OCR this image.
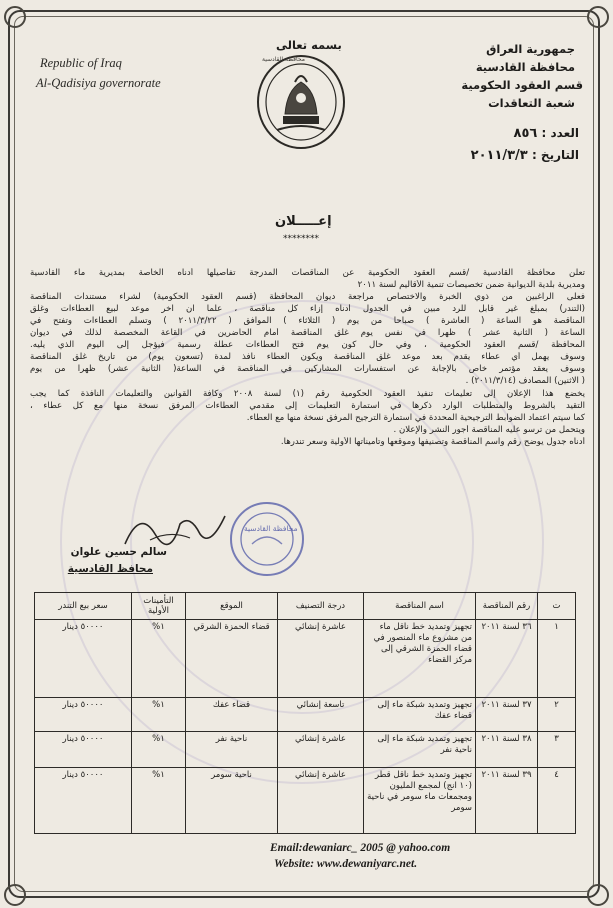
بسمه تعالى	جمهورية العراق
محافظة القادسية
قسم العقود الحكومية
شعبة التعاقدات
Republic of Iraq
Al-Qadisiya governorate
محافظة القادسية
العدد : ٨٥٦
التاريخ : ٢٠١١/٣/٣
إعـــــلان
********
تعلن محافظة القادسية /قسم العقود الحكومية عن المناقصات المدرجة تفاصيلها أدناه الخاصة بمديرية ماء القادسية
ومديرية بلدية الديوانية ضمن تخصيصات تنمية الأقاليم لسنة ٢٠١١
فعلى الراغبين من ذوي الخبرة والاختصاص مراجعة ديوان المحافظة (قسم العقود الحكومية) لشراء مستندات المناقصة
(التندر) بمبلغ غير قابل للرد مبين في الجدول أدناه إزاء كل مناقصة ، علما ان آخر موعد لبيع العطاءات وغلق
المناقصة هو الساعة ( العاشرة ) صباحا من يوم ( الثلاثاء ) الموافق ( ٢٠١١/٣/٢٢ ) وتسلم العطاءات وتفتح في
الساعة ( الثانية عشر ) ظهراً في نفس يوم غلق المناقصة أمام الحاضرين في القاعة المخصصة لذلك في ديوان
المحافظة /قسم العقود الحكومية ، وفي حال كون يوم فتح العطاءات عطلة رسمية فيؤجل إلى اليوم الذي يليه.
وسوف يهمل أي عطاء يقدم بعد موعد غلق المناقصة ويكون العطاء نافذ لمدة (تسعون يوم) من تاريخ غلق المناقصة
وسوف يعقد مؤتمر خاص بالإجابة عن استفسارات المشاركين في المناقصة في الساعة( الثانية عشر) ظهرا من يوم
( الاثنين) المصادف (٢٠١١/٣/١٤) .
يخضع هذا الإعلان إلى تعليمات تنفيذ العقود الحكومية رقم (١) لسنة ٢٠٠٨ وكافة القوانين والتعليمات النافذة كما يجب
التقيد بالشروط والمتطلبات الوارد ذكرها في استمارة التعليمات إلى مقدمي العطاءات المرفق نسخة منها مع كل عطاء ،
كما سيتم اعتماد الضوابط الترجيحية المحددة في استمارة الترجيح المرفق نسخة منها مع العطاء.
ويتحمل من ترسو عليه المناقصة أجور النشر والإعلان .
أدناه جدول يوضح رقم واسم المناقصة وتصنيفها وموقعها وتأميناتها الأولية وسعر تندرها.
سالم حسين علوان
محافظ القادسية
محافظة القادسية
ت	رقم المناقصة	اسم المناقصة	درجة التصنيف	الموقع	التأمينات الأولية	سعر بيع التندر
١	٣٦ لسنة ٢٠١١	تجهيز وتمديد خط ناقل ماء من مشروع ماء المنصور في قضاء الحمزة الشرقي إلى مركز القضاء	عاشرة إنشائي	قضاء الحمزة الشرقي	١%	٥٠٠٠٠ دينار
٢	٣٧ لسنة ٢٠١١	تجهيز وتمديد شبكة ماء إلى قضاء عفك	تاسعة إنشائي	قضاء عفك	١%	٥٠٠٠٠ دينار
٣	٣٨ لسنة ٢٠١١	تجهيز وتمديد شبكة ماء إلى ناحية نفر	عاشرة إنشائي	ناحية نفر	١%	٥٠٠٠٠ دينار
٤	٣٩ لسنة ٢٠١١	تجهيز وتمديد خط ناقل قطر (١٠ انج) لمجمع المليون ومجمعات ماء سومر في ناحية سومر	عاشرة إنشائي	ناحية سومر	١%	٥٠٠٠٠ دينار
Email:dewaniarc_ 2005 @ yahoo.com
Website: www.dewaniyarc.net.
